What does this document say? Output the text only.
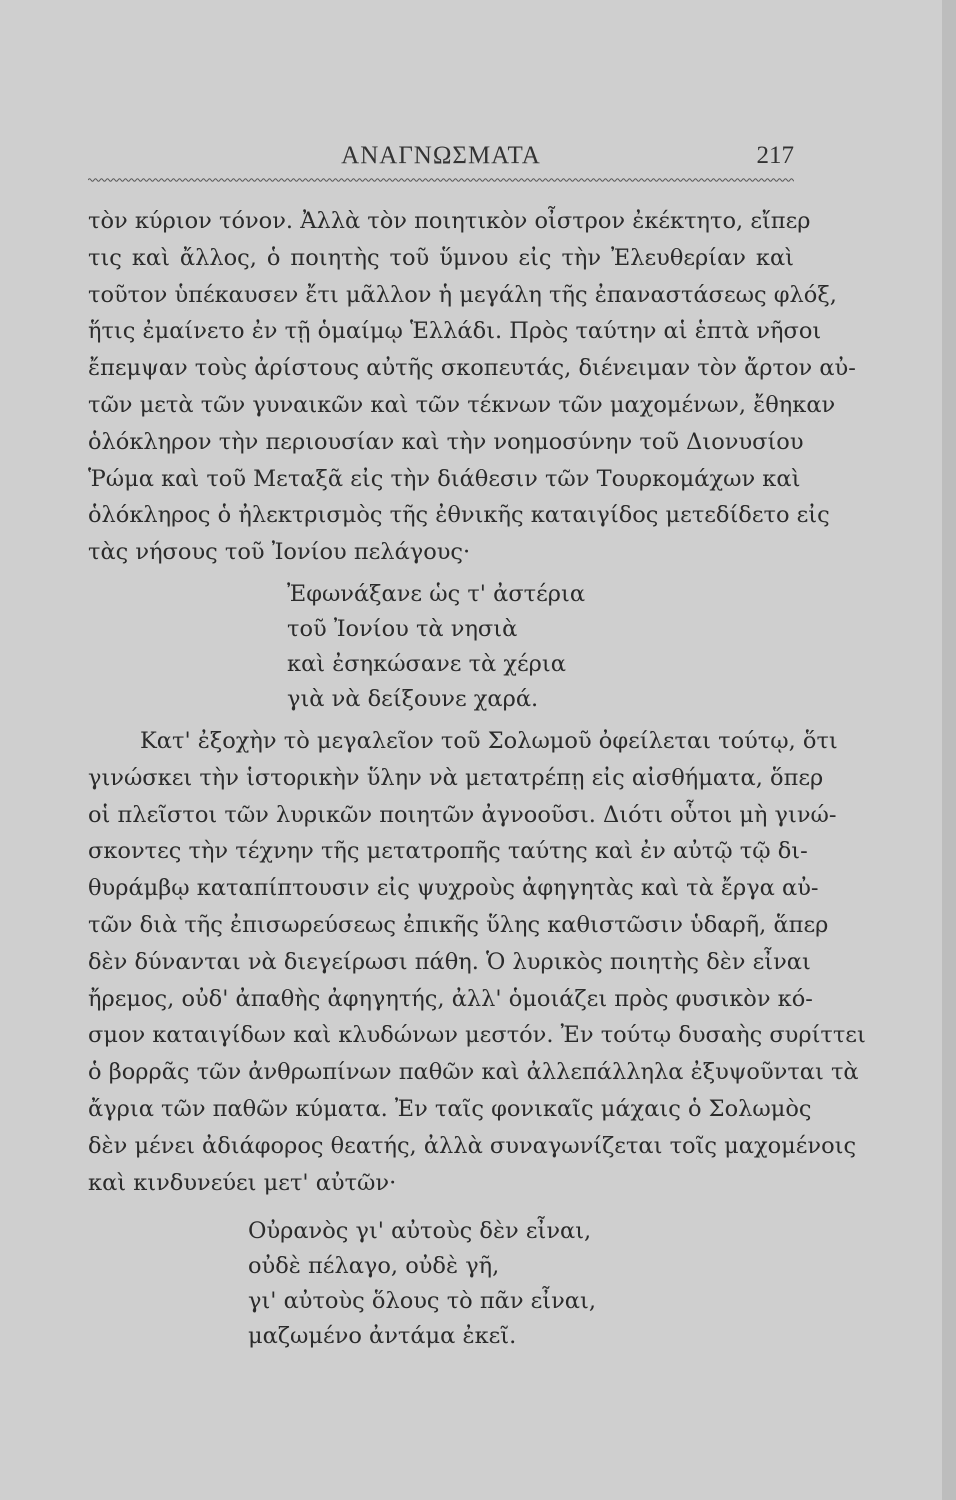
ΑΝΑΓΝΩΣΜΑΤΑ	217
τὸν κύριον τόνον. Ἀλλὰ τὸν ποιητικὸν οἶστρον ἐκέκτητο, εἴπερ
τις καὶ ἄλλος, ὁ ποιητὴς τοῦ ὕμνου εἰς τὴν Ἐλευθερίαν καὶ
τοῦτον ὑπέκαυσεν ἔτι μᾶλλον ἡ μεγάλη τῆς ἐπαναστάσεως φλόξ,
ἥτις ἐμαίνετο ἐν τῇ ὁμαίμῳ Ἑλλάδι. Πρὸς ταύτην αἱ ἑπτὰ νῆσοι
ἔπεμψαν τοὺς ἀρίστους αὐτῆς σκοπευτάς, διένειμαν τὸν ἄρτον αὐ-
τῶν μετὰ τῶν γυναικῶν καὶ τῶν τέκνων τῶν μαχομένων, ἔθηκαν
ὁλόκληρον τὴν περιουσίαν καὶ τὴν νοημοσύνην τοῦ Διονυσίου
Ῥώμα καὶ τοῦ Μεταξᾶ εἰς τὴν διάθεσιν τῶν Τουρκομάχων καὶ
ὁλόκληρος ὁ ἠλεκτρισμὸς τῆς ἐθνικῆς καταιγίδος μετεδίδετο εἰς
τὰς νήσους τοῦ Ἰονίου πελάγους·
Ἐφωνάξανε ὡς τ' ἀστέρια
τοῦ Ἰονίου τὰ νησιὰ
καὶ ἐσηκώσανε τὰ χέρια
γιὰ νὰ δείξουνε χαρά.
Κατ' ἐξοχὴν τὸ μεγαλεῖον τοῦ Σολωμοῦ ὀφείλεται τούτῳ, ὅτι
γινώσκει τὴν ἱστορικὴν ὕλην νὰ μετατρέπῃ εἰς αἰσθήματα, ὅπερ
οἱ πλεῖστοι τῶν λυρικῶν ποιητῶν ἀγνοοῦσι. Διότι οὗτοι μὴ γινώ-
σκοντες τὴν τέχνην τῆς μετατροπῆς ταύτης καὶ ἐν αὐτῷ τῷ δι-
θυράμβῳ καταπίπτουσιν εἰς ψυχροὺς ἀφηγητὰς καὶ τὰ ἔργα αὐ-
τῶν διὰ τῆς ἐπισωρεύσεως ἐπικῆς ὕλης καθιστῶσιν ὑδαρῆ, ἅπερ
δὲν δύνανται νὰ διεγείρωσι πάθη. Ὁ λυρικὸς ποιητὴς δὲν εἶναι
ἤρεμος, οὐδ' ἀπαθὴς ἀφηγητής, ἀλλ' ὁμοιάζει πρὸς φυσικὸν κό-
σμον καταιγίδων καὶ κλυδώνων μεστόν. Ἐν τούτῳ δυσαὴς συρίττει
ὁ βορρᾶς τῶν ἀνθρωπίνων παθῶν καὶ ἀλλεπάλληλα ἐξυψοῦνται τὰ
ἄγρια τῶν παθῶν κύματα. Ἐν ταῖς φονικαῖς μάχαις ὁ Σολωμὸς
δὲν μένει ἀδιάφορος θεατής, ἀλλὰ συναγωνίζεται τοῖς μαχομένοις
καὶ κινδυνεύει μετ' αὐτῶν·
Οὐρανὸς γι' αὐτοὺς δὲν εἶναι,
οὐδὲ πέλαγο, οὐδὲ γῆ,
γι' αὐτοὺς ὅλους τὸ πᾶν εἶναι,
μαζωμένο ἀντάμα ἐκεῖ.
